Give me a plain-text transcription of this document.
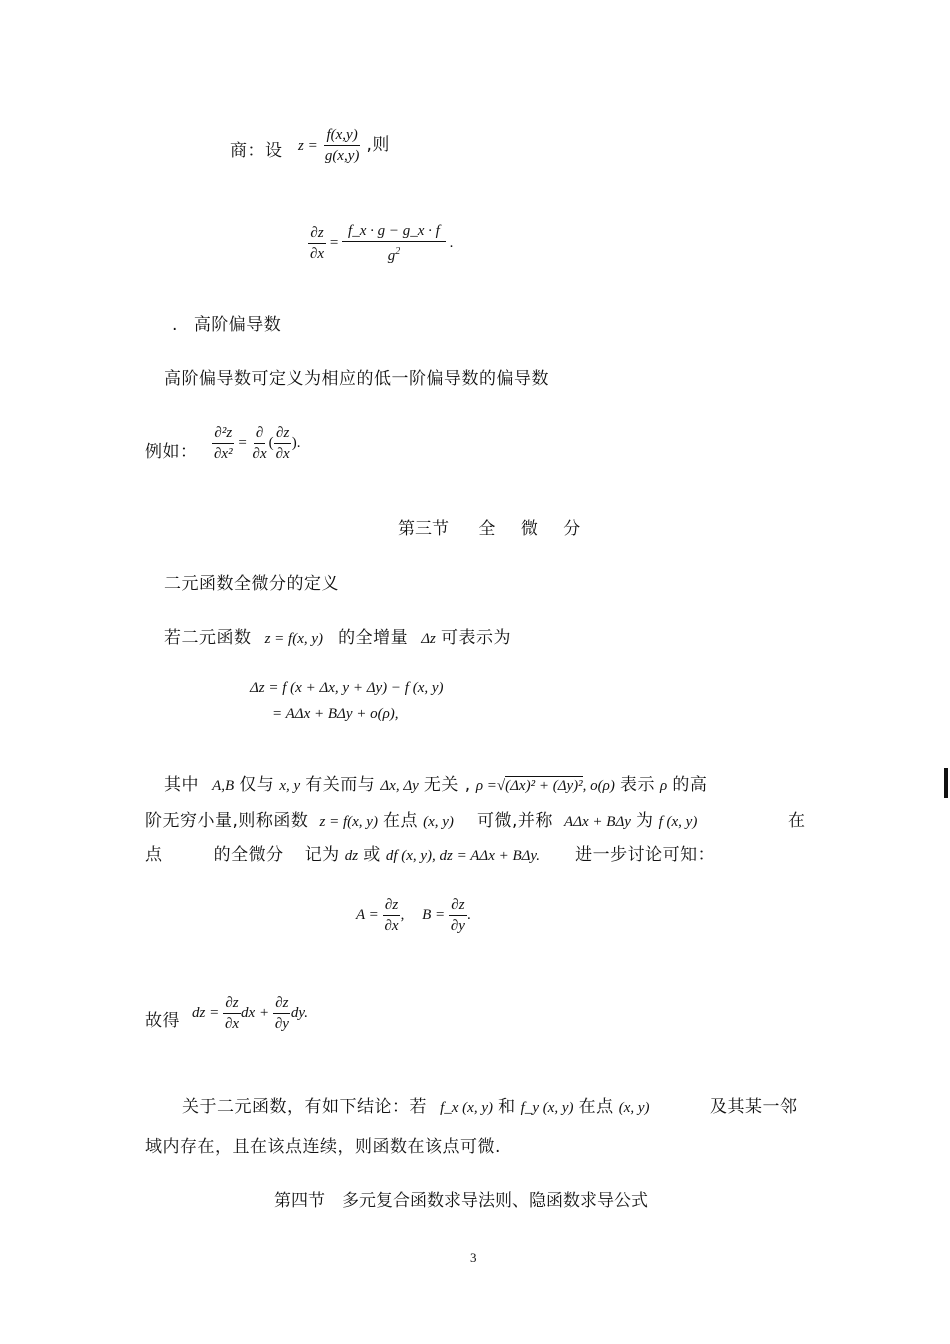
商：设 $z = \frac{f(x,y)}{g(x,y)}$ ,则
$\frac{\partial z}{\partial x} = \frac{f\_x \cdot g - g\_x \cdot f}{g^2}$ .
. 高阶偏导数
高阶偏导数可定义为相应的低一阶偏导数的偏导数
例如： $\frac{\text{∂²z}}{\text{∂x²}} = \frac{\partial}{\partial x}$ ( $\frac{\partial z}{\partial x}$ ).
第三节 全 微 分
二元函数全微分的定义
若二元函数 z = f(x, y) 的全增量 Δz 可表示为
Δz = f (x + Δx, y + Δy) − f (x, y)
= AΔx + BΔy + o(ρ),
其中 A,B 仅与 x, y 有关而与 Δx, Δy 无关 , ρ =√(Δx)² + (Δy)², o(ρ) 表示 ρ 的高
阶无穷小量,则称函数 z = f(x, y) 在点 (x, y) 可微,并称 AΔx + BΔy 为 f (x, y)	在
点	的全微分 记为 dz 或 df (x, y), dz = AΔx + BΔy. 进一步讨论可知：
$A = \frac{\partial z}{\partial x}$ , $B = \frac{\partial z}{\partial y}$ .
故得 dz = $\frac{\partial z}{\partial x}$ dx + $\frac{\partial z}{\partial y}$ dy.
关于二元函数，有如下结论：若 f_x (x, y) 和 f_y (x, y) 在点 (x, y)	及其某一邻
域内存在，且在该点连续，则函数在该点可微.
第四节　多元复合函数求导法则、隐函数求导公式
3
